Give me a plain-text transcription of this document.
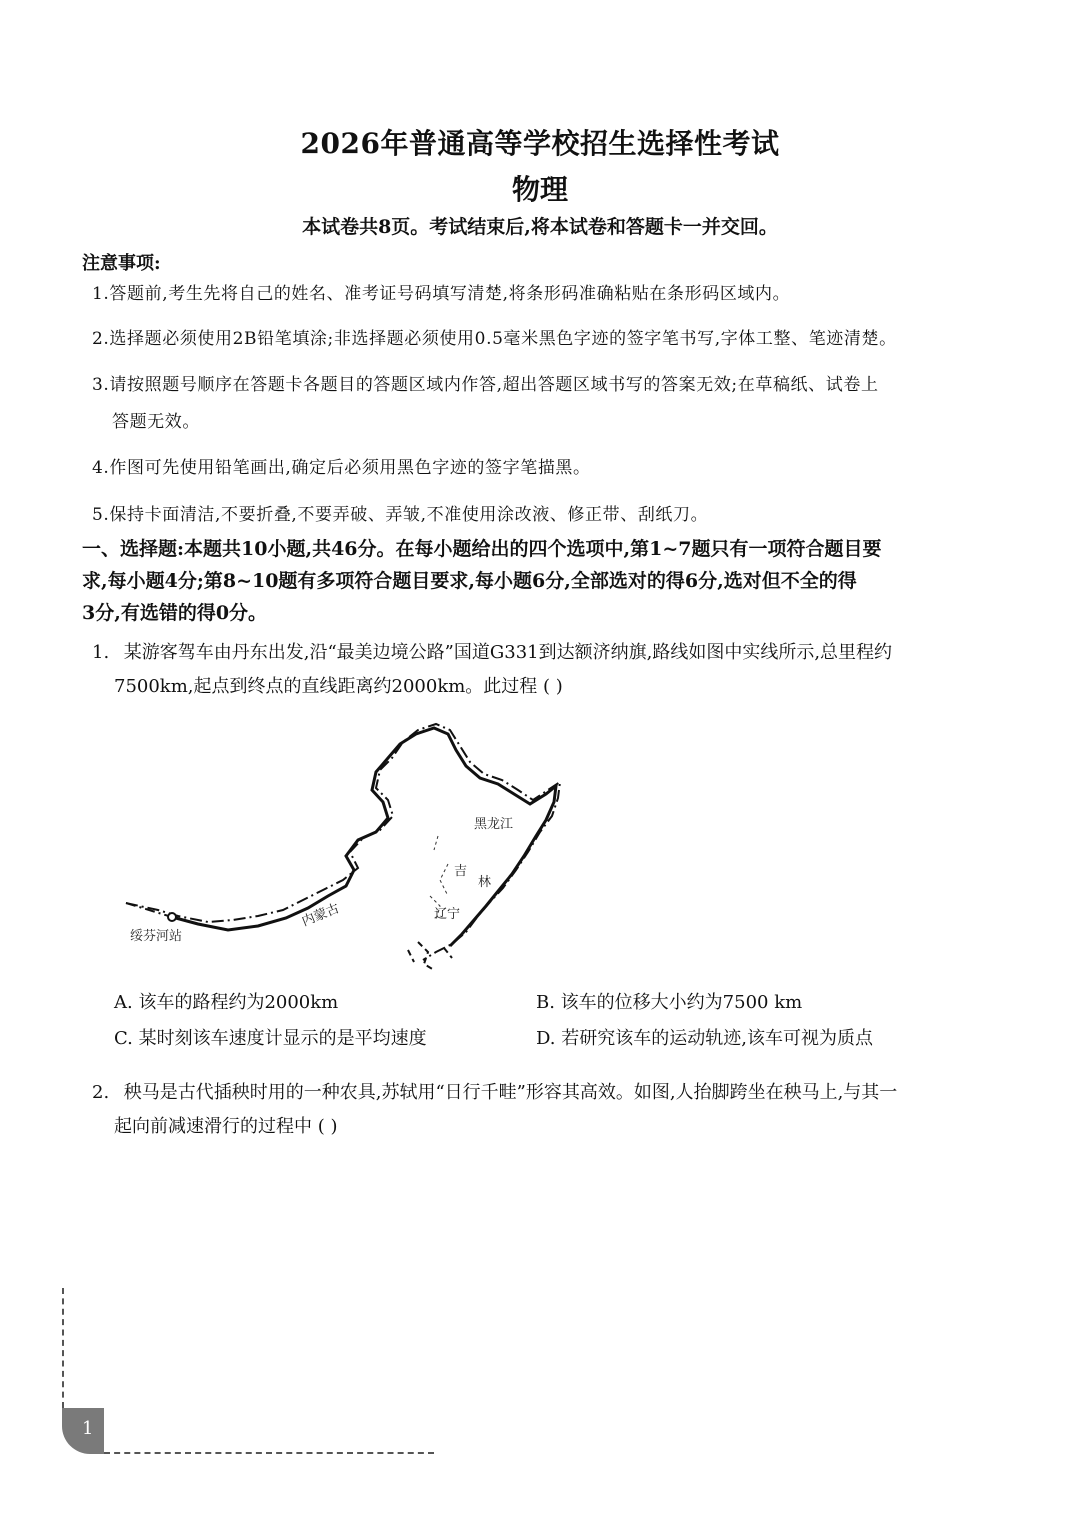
2026年普通高等学校招生选择性考试
物理
本试卷共8页。考试结束后,将本试卷和答题卡一并交回。
注意事项:
1.答题前,考生先将自己的姓名、准考证号码填写清楚,将条形码准确粘贴在条形码区域内。
2.选择题必须使用2B铅笔填涂;非选择题必须使用0.5毫米黑色字迹的签字笔书写,字体工整、笔迹清楚。
3.请按照题号顺序在答题卡各题目的答题区域内作答,超出答题区域书写的答案无效;在草稿纸、试卷上
答题无效。
4.作图可先使用铅笔画出,确定后必须用黑色字迹的签字笔描黑。
5.保持卡面清洁,不要折叠,不要弄破、弄皱,不准使用涂改液、修正带、刮纸刀。
一、选择题:本题共10小题,共46分。在每小题给出的四个选项中,第1~7题只有一项符合题目要
求,每小题4分;第8~10题有多项符合题目要求,每小题6分,全部选对的得6分,选对但不全的得
3分,有选错的得0分。
1. 某游客驾车由丹东出发,沿“最美边境公路”国道G331到达额济纳旗,路线如图中实线所示,总里程约
7500km,起点到终点的直线距离约2000km。此过程 ( )
黑龙江
吉
林
辽宁
内蒙古
绥芬河站
A. 该车的路程约为2000km	B. 该车的位移大小约为7500 km
C. 某时刻该车速度计显示的是平均速度	D. 若研究该车的运动轨迹,该车可视为质点
2. 秧马是古代插秧时用的一种农具,苏轼用“日行千畦”形容其高效。如图,人抬脚跨坐在秧马上,与其一
起向前减速滑行的过程中 ( )
1
